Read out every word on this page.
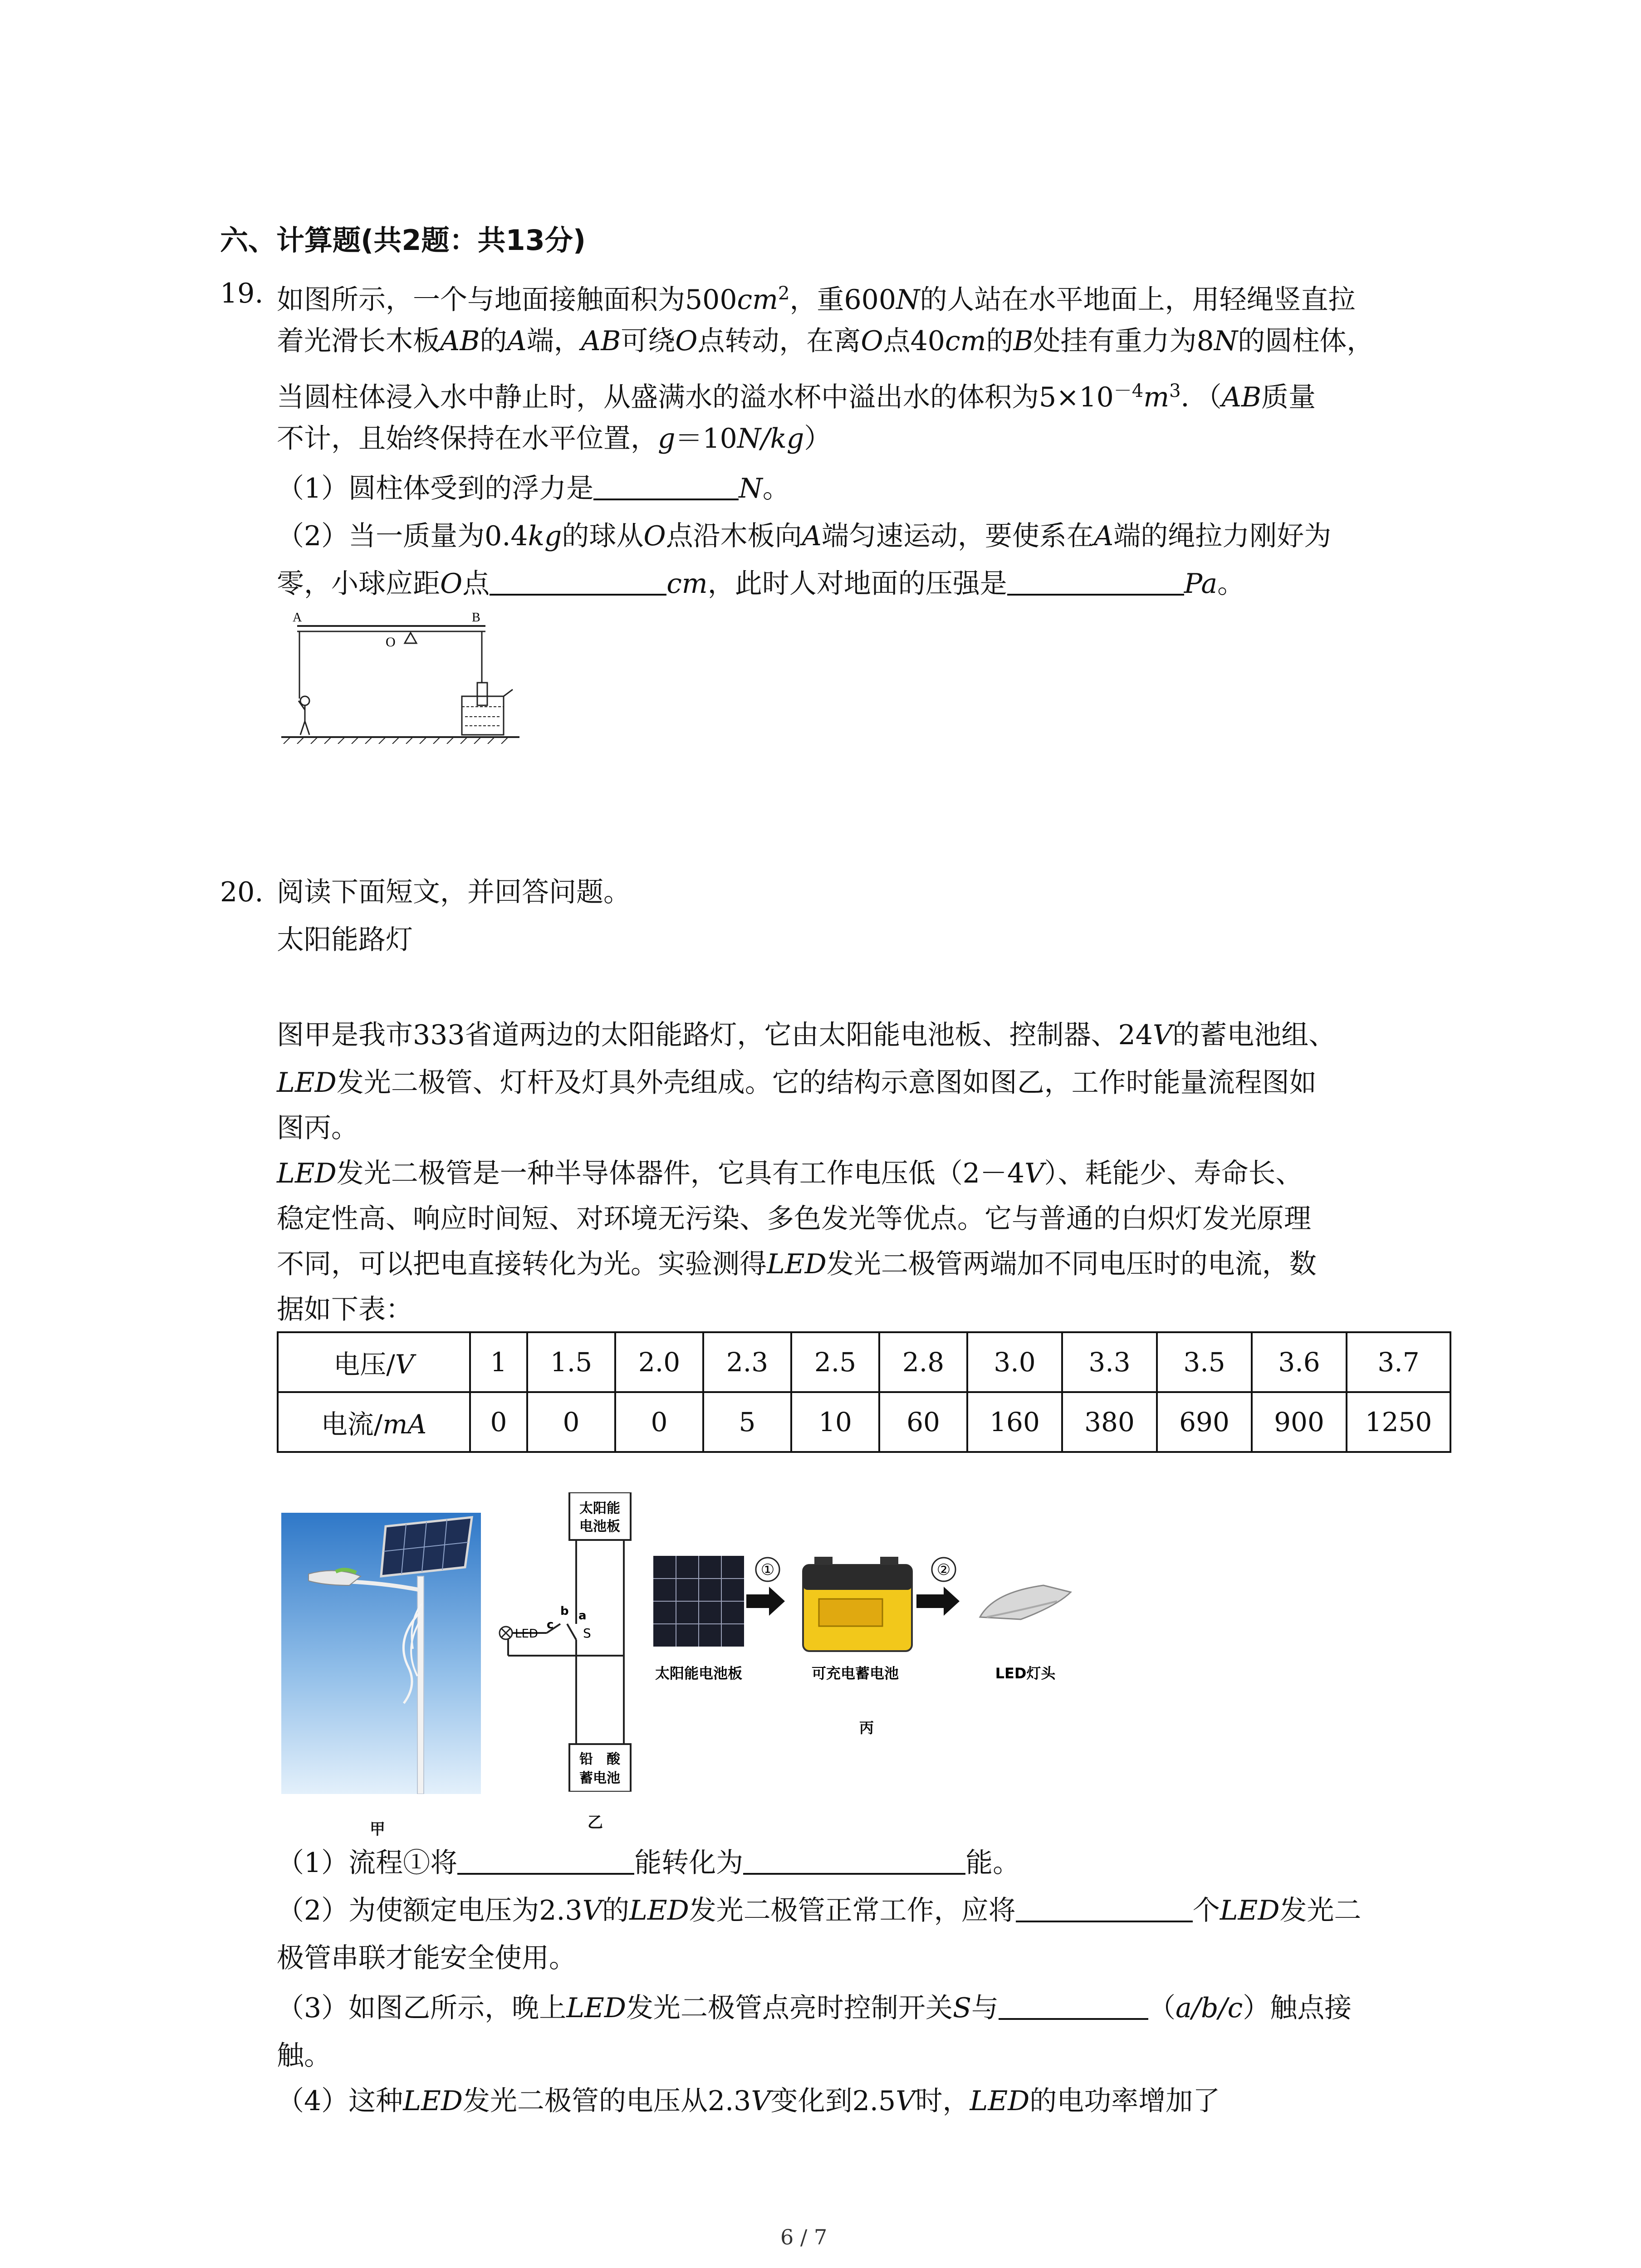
六、计算题(共2题：共13分)
19. 如图所示，一个与地面接触面积为$500cm^2$，重600N的人站在水平地面上，用轻绳竖直拉
着光滑长木板AB的A端，AB可绕O点转动，在离O点40cm的B处挂有重力为8N的圆柱体，
当圆柱体浸入水中静止时，从盛满水的溢水杯中溢出水的体积为$5\times 10^{-4}m^3$．（AB质量
不计，且始终保持在水平位置，g＝10N/kg）
（1）圆柱体受到的浮力是	N。
（2）当一质量为0.4kg的球从O点沿木板向A端匀速运动，要使系在A端的绳拉力刚好为
零，小球应距O点	cm，此时人对地面的压强是	Pa。
A	B
O
20. 阅读下面短文，并回答问题。
太阳能路灯
图甲是我市333省道两边的太阳能路灯，它由太阳能电池板、控制器、24V的蓄电池组、
LED发光二极管、灯杆及灯具外壳组成。它的结构示意图如图乙，工作时能量流程图如
图丙。
LED发光二极管是一种半导体器件，它具有工作电压低（2－4V）、耗能少、寿命长、
稳定性高、响应时间短、对环境无污染、多色发光等优点。它与普通的白炽灯发光原理
不同，可以把电直接转化为光。实验测得LED发光二极管两端加不同电压时的电流，数
据如下表：
电压/V	1	1.5	2.0	2.3	2.5	2.8	3.0	3.3	3.5	3.6	3.7
电流/mA	0	0	0	5	10	60	160	380	690	900	1250
甲
太阳能
电池板
铅　酸
蓄电池
LED
a
b
c
S
乙
①	②
太阳能电池板	可充电蓄电池	LED灯头
丙
（1）流程①将	能转化为	能。
（2）为使额定电压为2.3V的LED发光二极管正常工作，应将	个LED发光二
极管串联才能安全使用。
（3）如图乙所示，晚上LED发光二极管点亮时控制开关S与	（a/b/c）触点接
触。
（4）这种LED发光二极管的电压从2.3V变化到2.5V时，LED的电功率增加了
6 / 7
